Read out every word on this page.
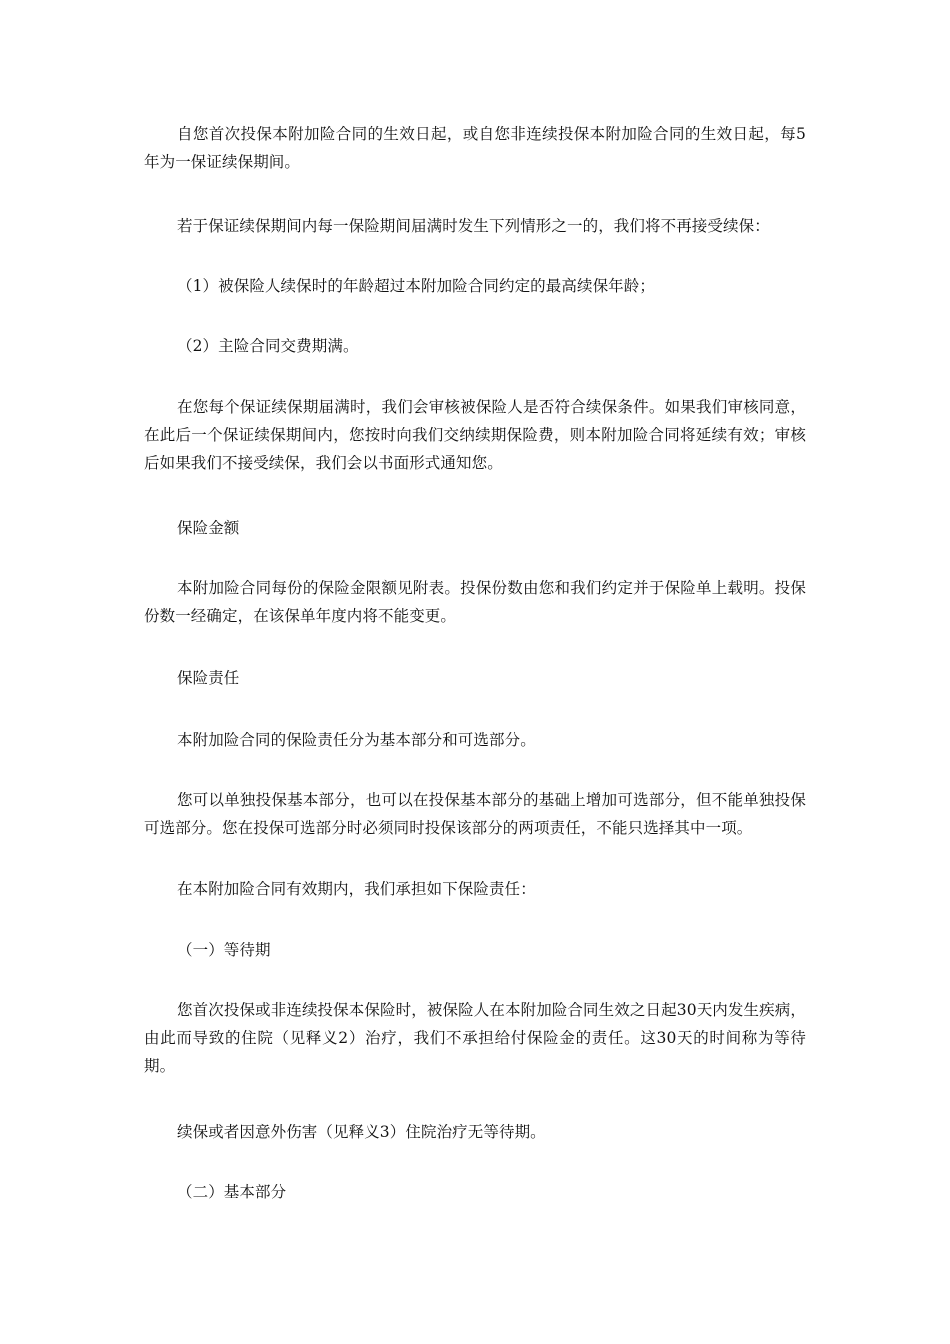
自您首次投保本附加险合同的生效日起，或自您非连续投保本附加险合同的生效日起，每5年为一保证续保期间。

若于保证续保期间内每一保险期间届满时发生下列情形之一的，我们将不再接受续保：

（1）被保险人续保时的年龄超过本附加险合同约定的最高续保年龄；

（2）主险合同交费期满。

在您每个保证续保期届满时，我们会审核被保险人是否符合续保条件。如果我们审核同意，在此后一个保证续保期间内，您按时向我们交纳续期保险费，则本附加险合同将延续有效；审核后如果我们不接受续保，我们会以书面形式通知您。

保险金额

本附加险合同每份的保险金限额见附表。投保份数由您和我们约定并于保险单上载明。投保份数一经确定，在该保单年度内将不能变更。

保险责任

本附加险合同的保险责任分为基本部分和可选部分。

您可以单独投保基本部分，也可以在投保基本部分的基础上增加可选部分，但不能单独投保可选部分。您在投保可选部分时必须同时投保该部分的两项责任，不能只选择其中一项。

在本附加险合同有效期内，我们承担如下保险责任：

（一）等待期

您首次投保或非连续投保本保险时，被保险人在本附加险合同生效之日起30天内发生疾病，由此而导致的住院（见释义2）治疗，我们不承担给付保险金的责任。这30天的时间称为等待期。

续保或者因意外伤害（见释义3）住院治疗无等待期。

（二）基本部分
